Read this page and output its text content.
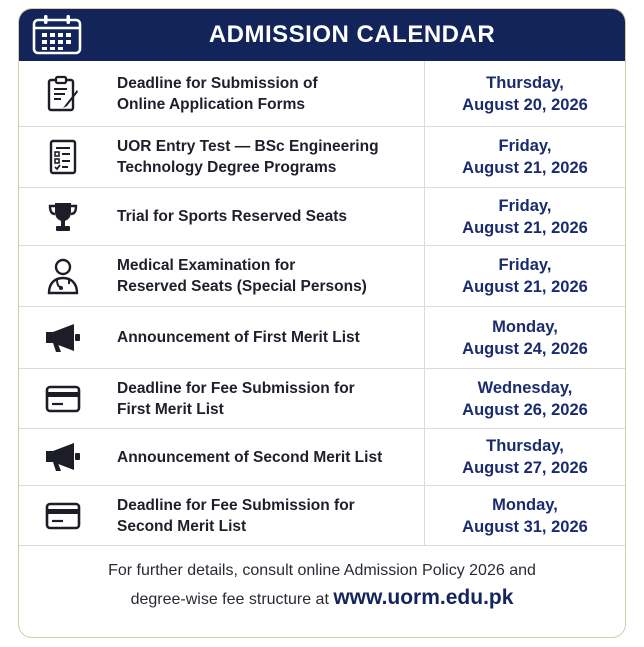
ADMISSION CALENDAR
Deadline for Submission of
Online Application Forms
Thursday,
August 20, 2026
UOR Entry Test — BSc Engineering
Technology Degree Programs
Friday,
August 21, 2026
Trial for Sports Reserved Seats
Friday,
August 21, 2026
Medical Examination for
Reserved Seats (Special Persons)
Friday,
August 21, 2026
Announcement of First Merit List
Monday,
August 24, 2026
Deadline for Fee Submission for
First Merit List
Wednesday,
August 26, 2026
Announcement of Second Merit List
Thursday,
August 27, 2026
Deadline for Fee Submission for
Second Merit List
Monday,
August 31, 2026
For further details, consult online Admission Policy 2026 and
degree-wise fee structure at www.uorm.edu.pk
